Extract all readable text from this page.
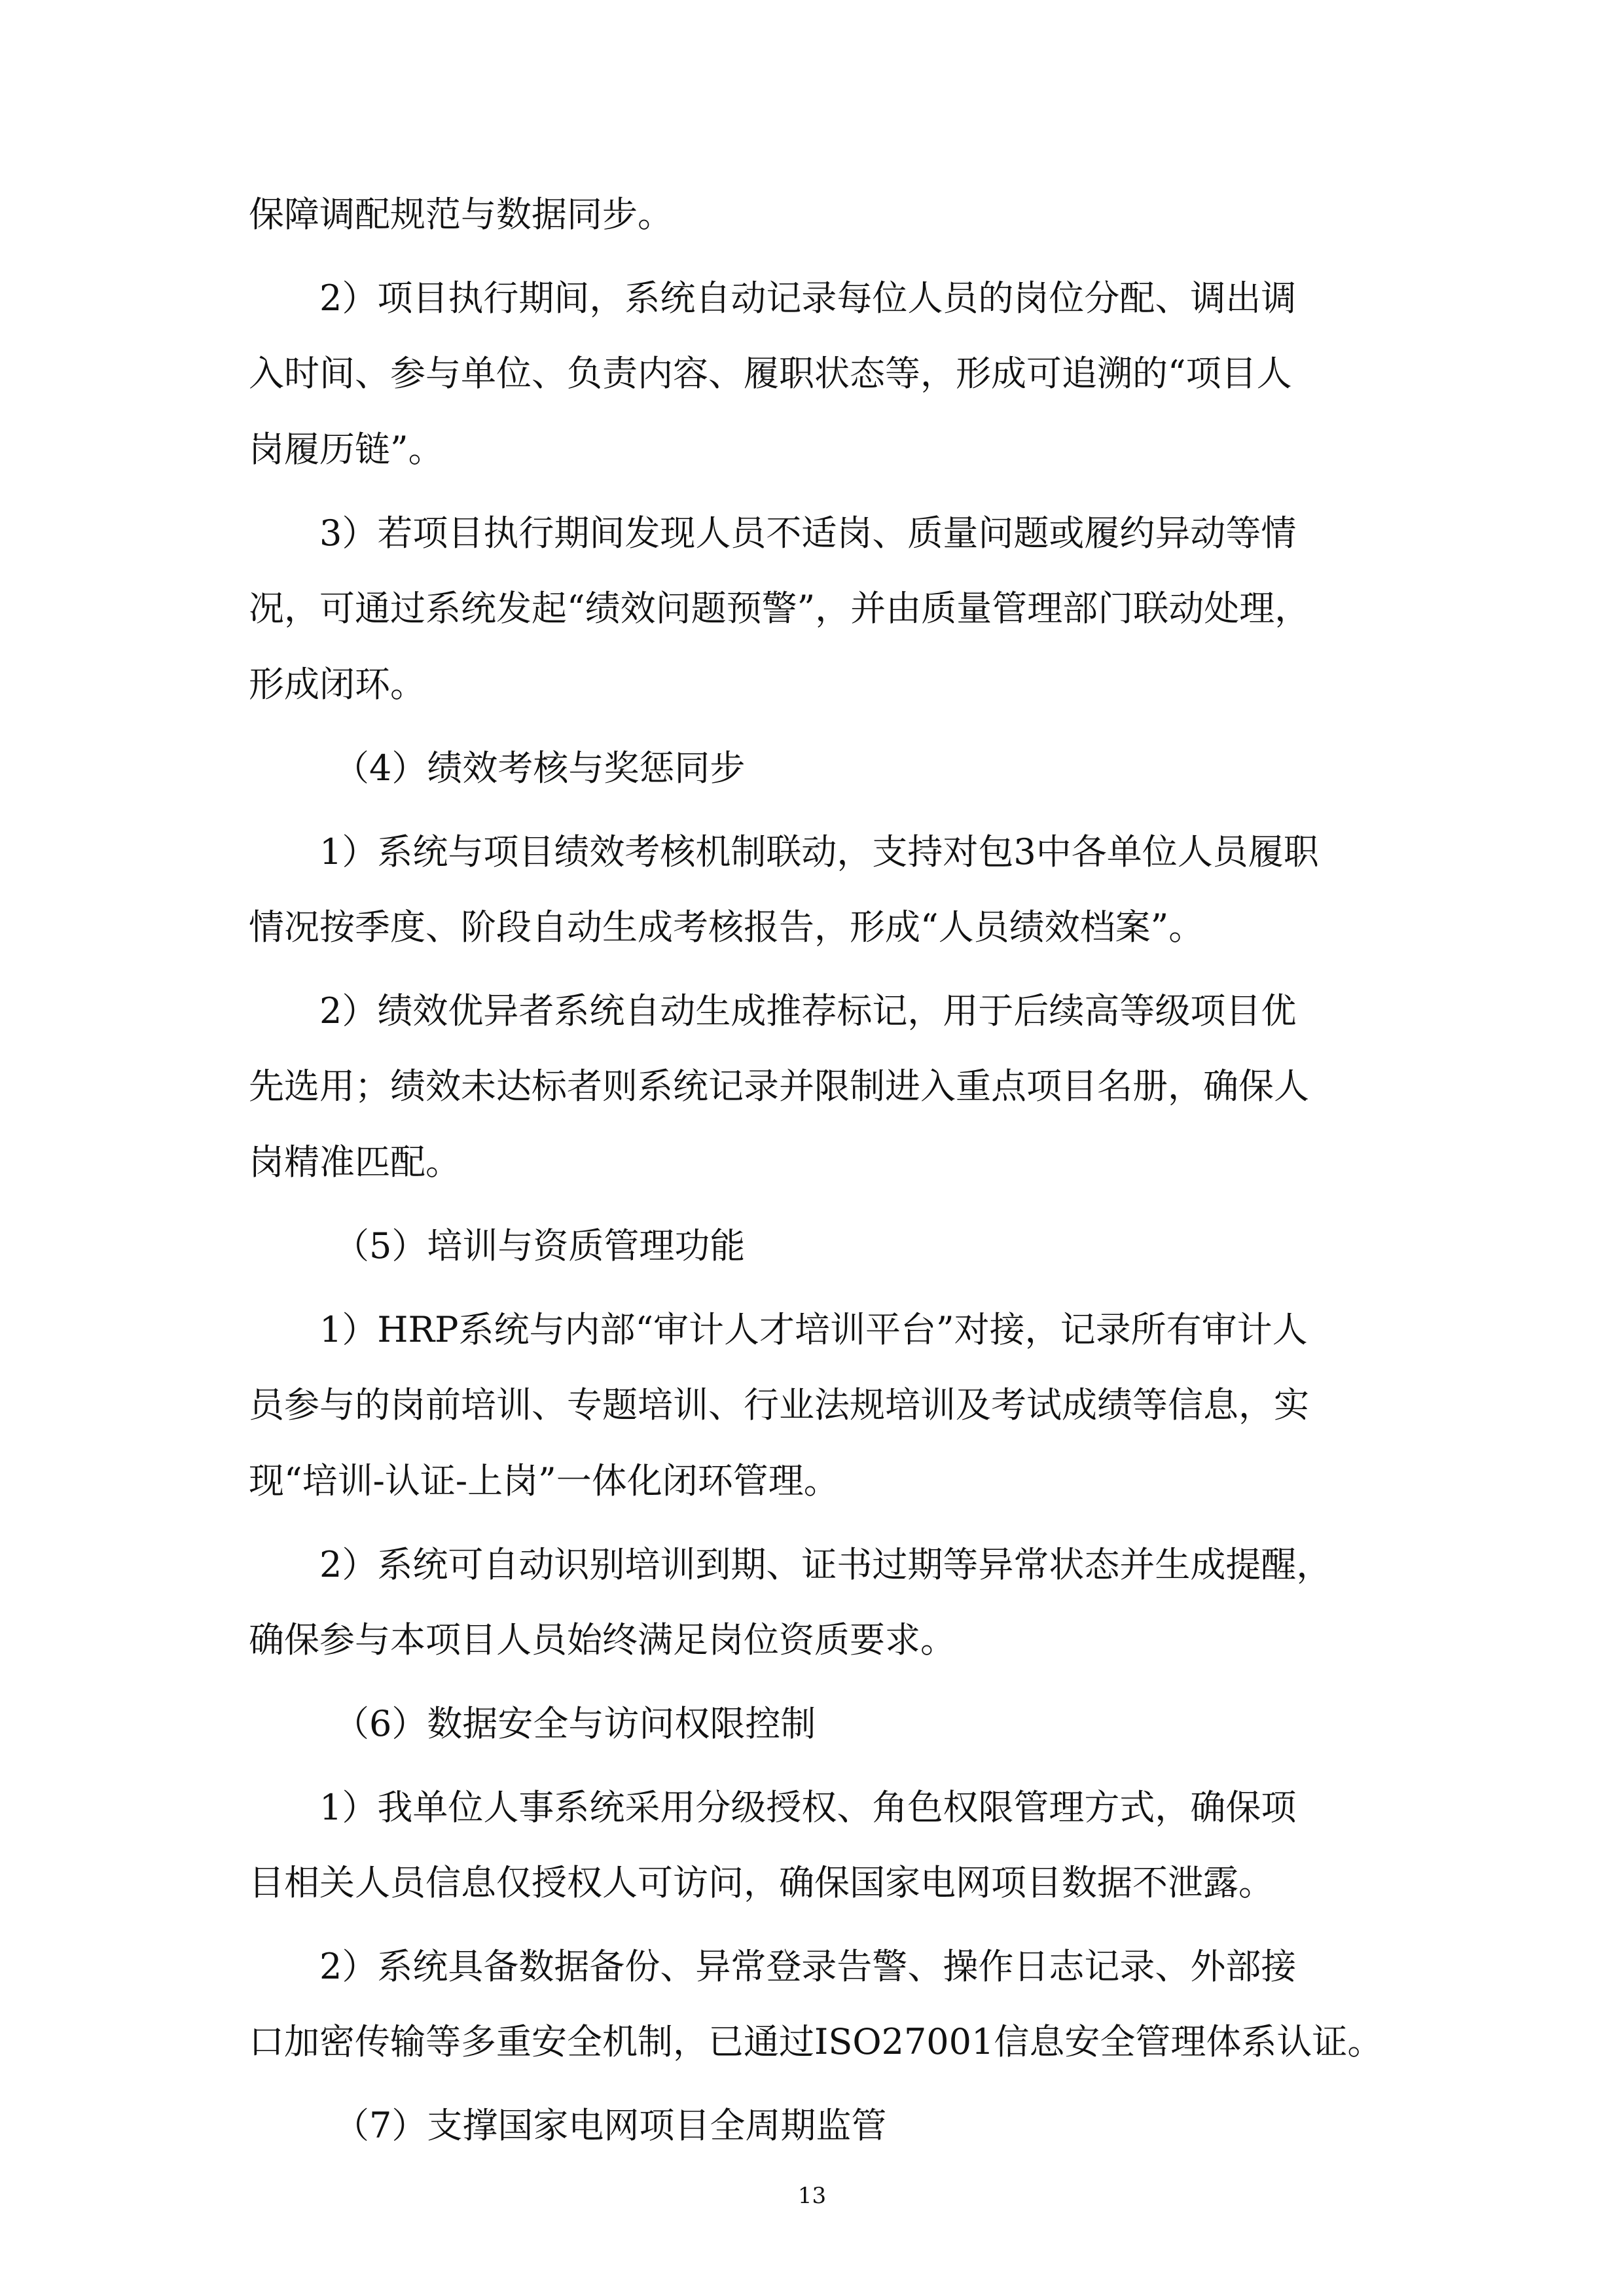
保障调配规范与数据同步。
2）项目执行期间，系统自动记录每位人员的岗位分配、调出调
入时间、参与单位、负责内容、履职状态等，形成可追溯的“项目人
岗履历链”。
3）若项目执行期间发现人员不适岗、质量问题或履约异动等情
况，可通过系统发起“绩效问题预警”，并由质量管理部门联动处理，
形成闭环。
（4）绩效考核与奖惩同步
1）系统与项目绩效考核机制联动，支持对包3中各单位人员履职
情况按季度、阶段自动生成考核报告，形成“人员绩效档案”。
2）绩效优异者系统自动生成推荐标记，用于后续高等级项目优
先选用；绩效未达标者则系统记录并限制进入重点项目名册，确保人
岗精准匹配。
（5）培训与资质管理功能
1）HRP系统与内部“审计人才培训平台”对接，记录所有审计人
员参与的岗前培训、专题培训、行业法规培训及考试成绩等信息，实
现“培训-认证-上岗”一体化闭环管理。
2）系统可自动识别培训到期、证书过期等异常状态并生成提醒，
确保参与本项目人员始终满足岗位资质要求。
（6）数据安全与访问权限控制
1）我单位人事系统采用分级授权、角色权限管理方式，确保项
目相关人员信息仅授权人可访问，确保国家电网项目数据不泄露。
2）系统具备数据备份、异常登录告警、操作日志记录、外部接
口加密传输等多重安全机制，已通过ISO27001信息安全管理体系认证。
（7）支撑国家电网项目全周期监管
13
